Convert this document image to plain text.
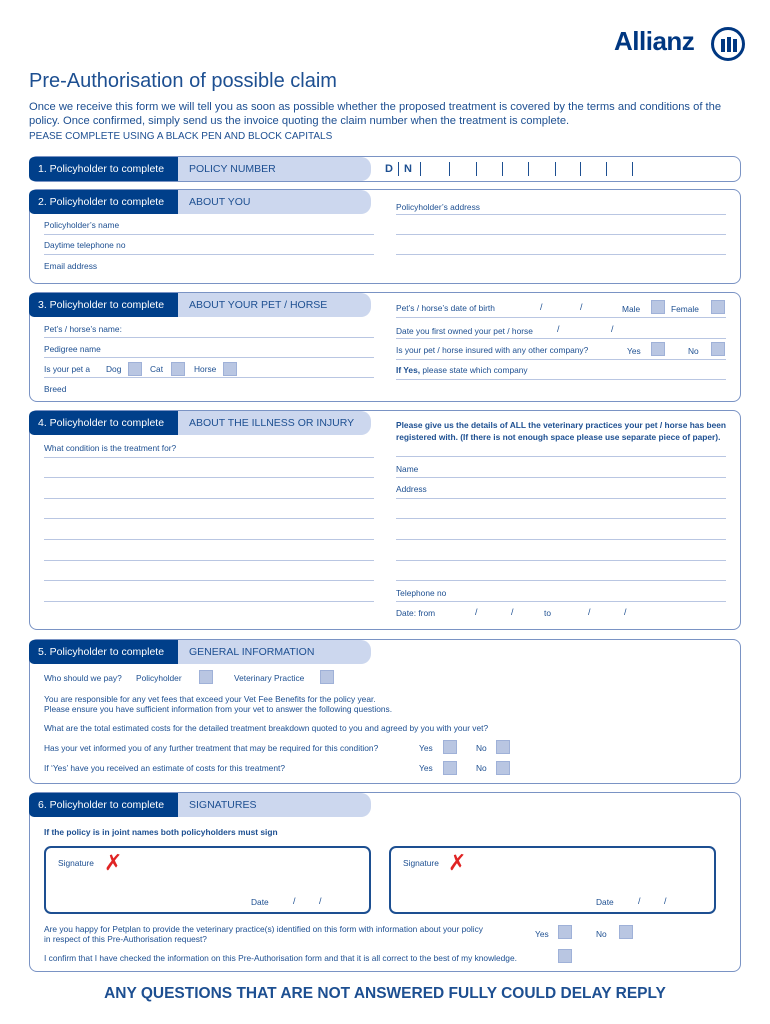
Allianz
Pre-Authorisation of possible claim
Once we receive this form we will tell you as soon as possible whether the proposed treatment is covered by the terms and conditions of the policy. Once confirmed, simply send us the invoice quoting the claim number when the treatment is complete.
PEASE COMPLETE USING A BLACK PEN AND BLOCK CAPITALS
1. Policyholder to complete	POLICY NUMBER	D N
2. Policyholder to complete	ABOUT YOU
Policyholder’s name
Daytime telephone no
Email address
Policyholder’s address
3. Policyholder to complete	ABOUT YOUR PET / HORSE
Pet’s / horse’s name:
Pedigree name
Is your pet a Dog	Cat	Horse
Breed
Pet’s / horse’s date of birth	/	/	Male	Female
Date you first owned your pet / horse	/	/
Is your pet / horse insured with any other company?	Yes	No
If Yes, please state which company
4. Policyholder to complete	ABOUT THE ILLNESS OR INJURY
What condition is the treatment for?
Please give us the details of ALL the veterinary practices your pet / horse has been registered with. (If there is not enough space please use separate piece of paper).
Name
Address
Telephone no
Date: from	/	/	to	/	/
5. Policyholder to complete	GENERAL INFORMATION
Who should we pay? Policyholder	Veterinary Practice
You are responsible for any vet fees that exceed your Vet Fee Benefits for the policy year.
Please ensure you have sufficient information from your vet to answer the following questions.
What are the total estimated costs for the detailed treatment breakdown quoted to you and agreed by you with your vet?
Has your vet informed you of any further treatment that may be required for this condition?	Yes	No
If ‘Yes’ have you received an estimate of costs for this treatment?	Yes	No
6. Policyholder to complete	SIGNATURES
If the policy is in joint names both policyholders must sign
Signature ✗
Date	/	/
Signature ✗
Date	/	/
Are you happy for Petplan to provide the veterinary practice(s) identified on this form with information about your policy
in respect of this Pre-Authorisation request?	Yes	No
I confirm that I have checked the information on this Pre-Authorisation form and that it is all correct to the best of my knowledge.
ANY QUESTIONS THAT ARE NOT ANSWERED FULLY COULD DELAY REPLY
